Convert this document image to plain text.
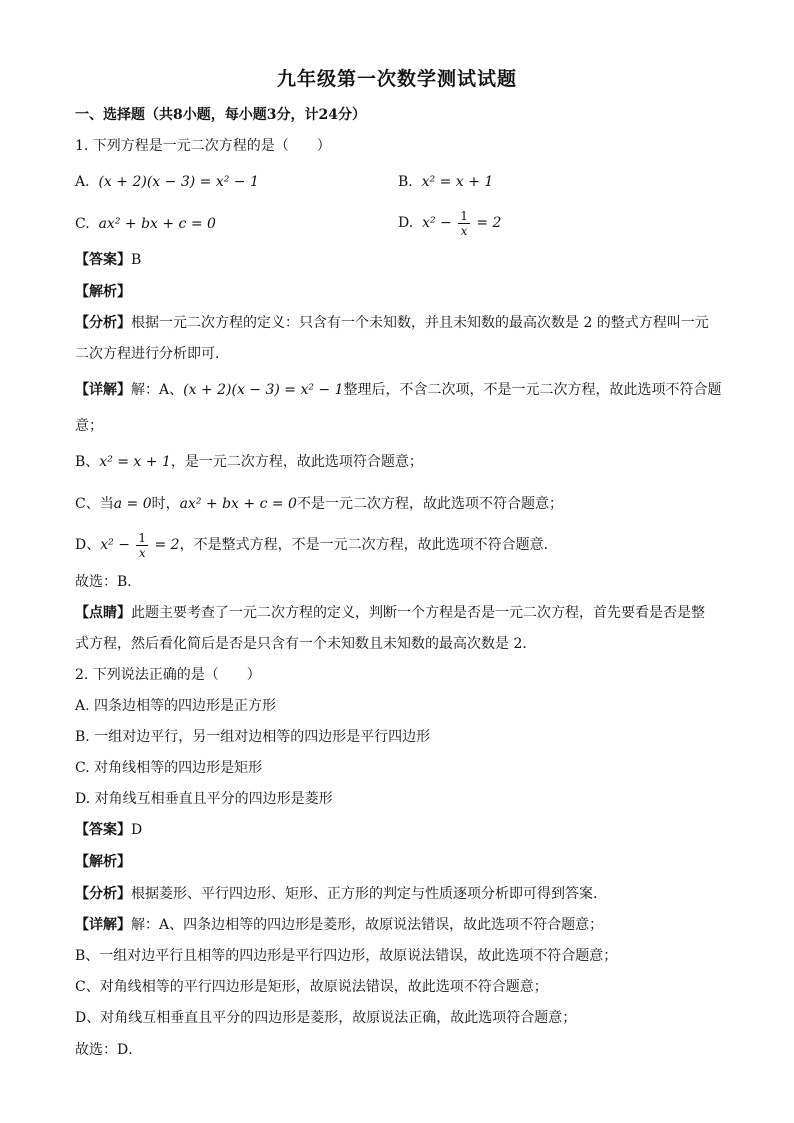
九年级第一次数学测试试题
一、选择题（共8小题，每小题3分，计24分）
1. 下列方程是一元二次方程的是（　　）
A. (x + 2)(x − 3) = x² − 1	B. x² = x + 1
C. ax² + bx + c = 0	D. $x^2 - \frac{1}{x} = 2$
【答案】B
【解析】
【分析】根据一元二次方程的定义：只含有一个未知数，并且未知数的最高次数是 2 的整式方程叫一元
二次方程进行分析即可．
【详解】解：A、(x + 2)(x − 3) = x² − 1整理后，不含二次项，不是一元二次方程，故此选项不符合题
意；
B、x² = x + 1，是一元二次方程，故此选项符合题意；
C、当a = 0时，ax² + bx + c = 0不是一元二次方程，故此选项不符合题意；
D、$x^2 - \frac{1}{x} = 2$，不是整式方程，不是一元二次方程，故此选项不符合题意．
故选：B．
【点睛】此题主要考查了一元二次方程的定义，判断一个方程是否是一元二次方程，首先要看是否是整
式方程，然后看化简后是否是只含有一个未知数且未知数的最高次数是 2．
2. 下列说法正确的是（　　）
A. 四条边相等的四边形是正方形
B. 一组对边平行，另一组对边相等的四边形是平行四边形
C. 对角线相等的四边形是矩形
D. 对角线互相垂直且平分的四边形是菱形
【答案】D
【解析】
【分析】根据菱形、平行四边形、矩形、正方形的判定与性质逐项分析即可得到答案．
【详解】解：A、四条边相等的四边形是菱形，故原说法错误，故此选项不符合题意；
B、一组对边平行且相等的四边形是平行四边形，故原说法错误，故此选项不符合题意；
C、对角线相等的平行四边形是矩形，故原说法错误，故此选项不符合题意；
D、对角线互相垂直且平分的四边形是菱形，故原说法正确，故此选项符合题意；
故选：D．
